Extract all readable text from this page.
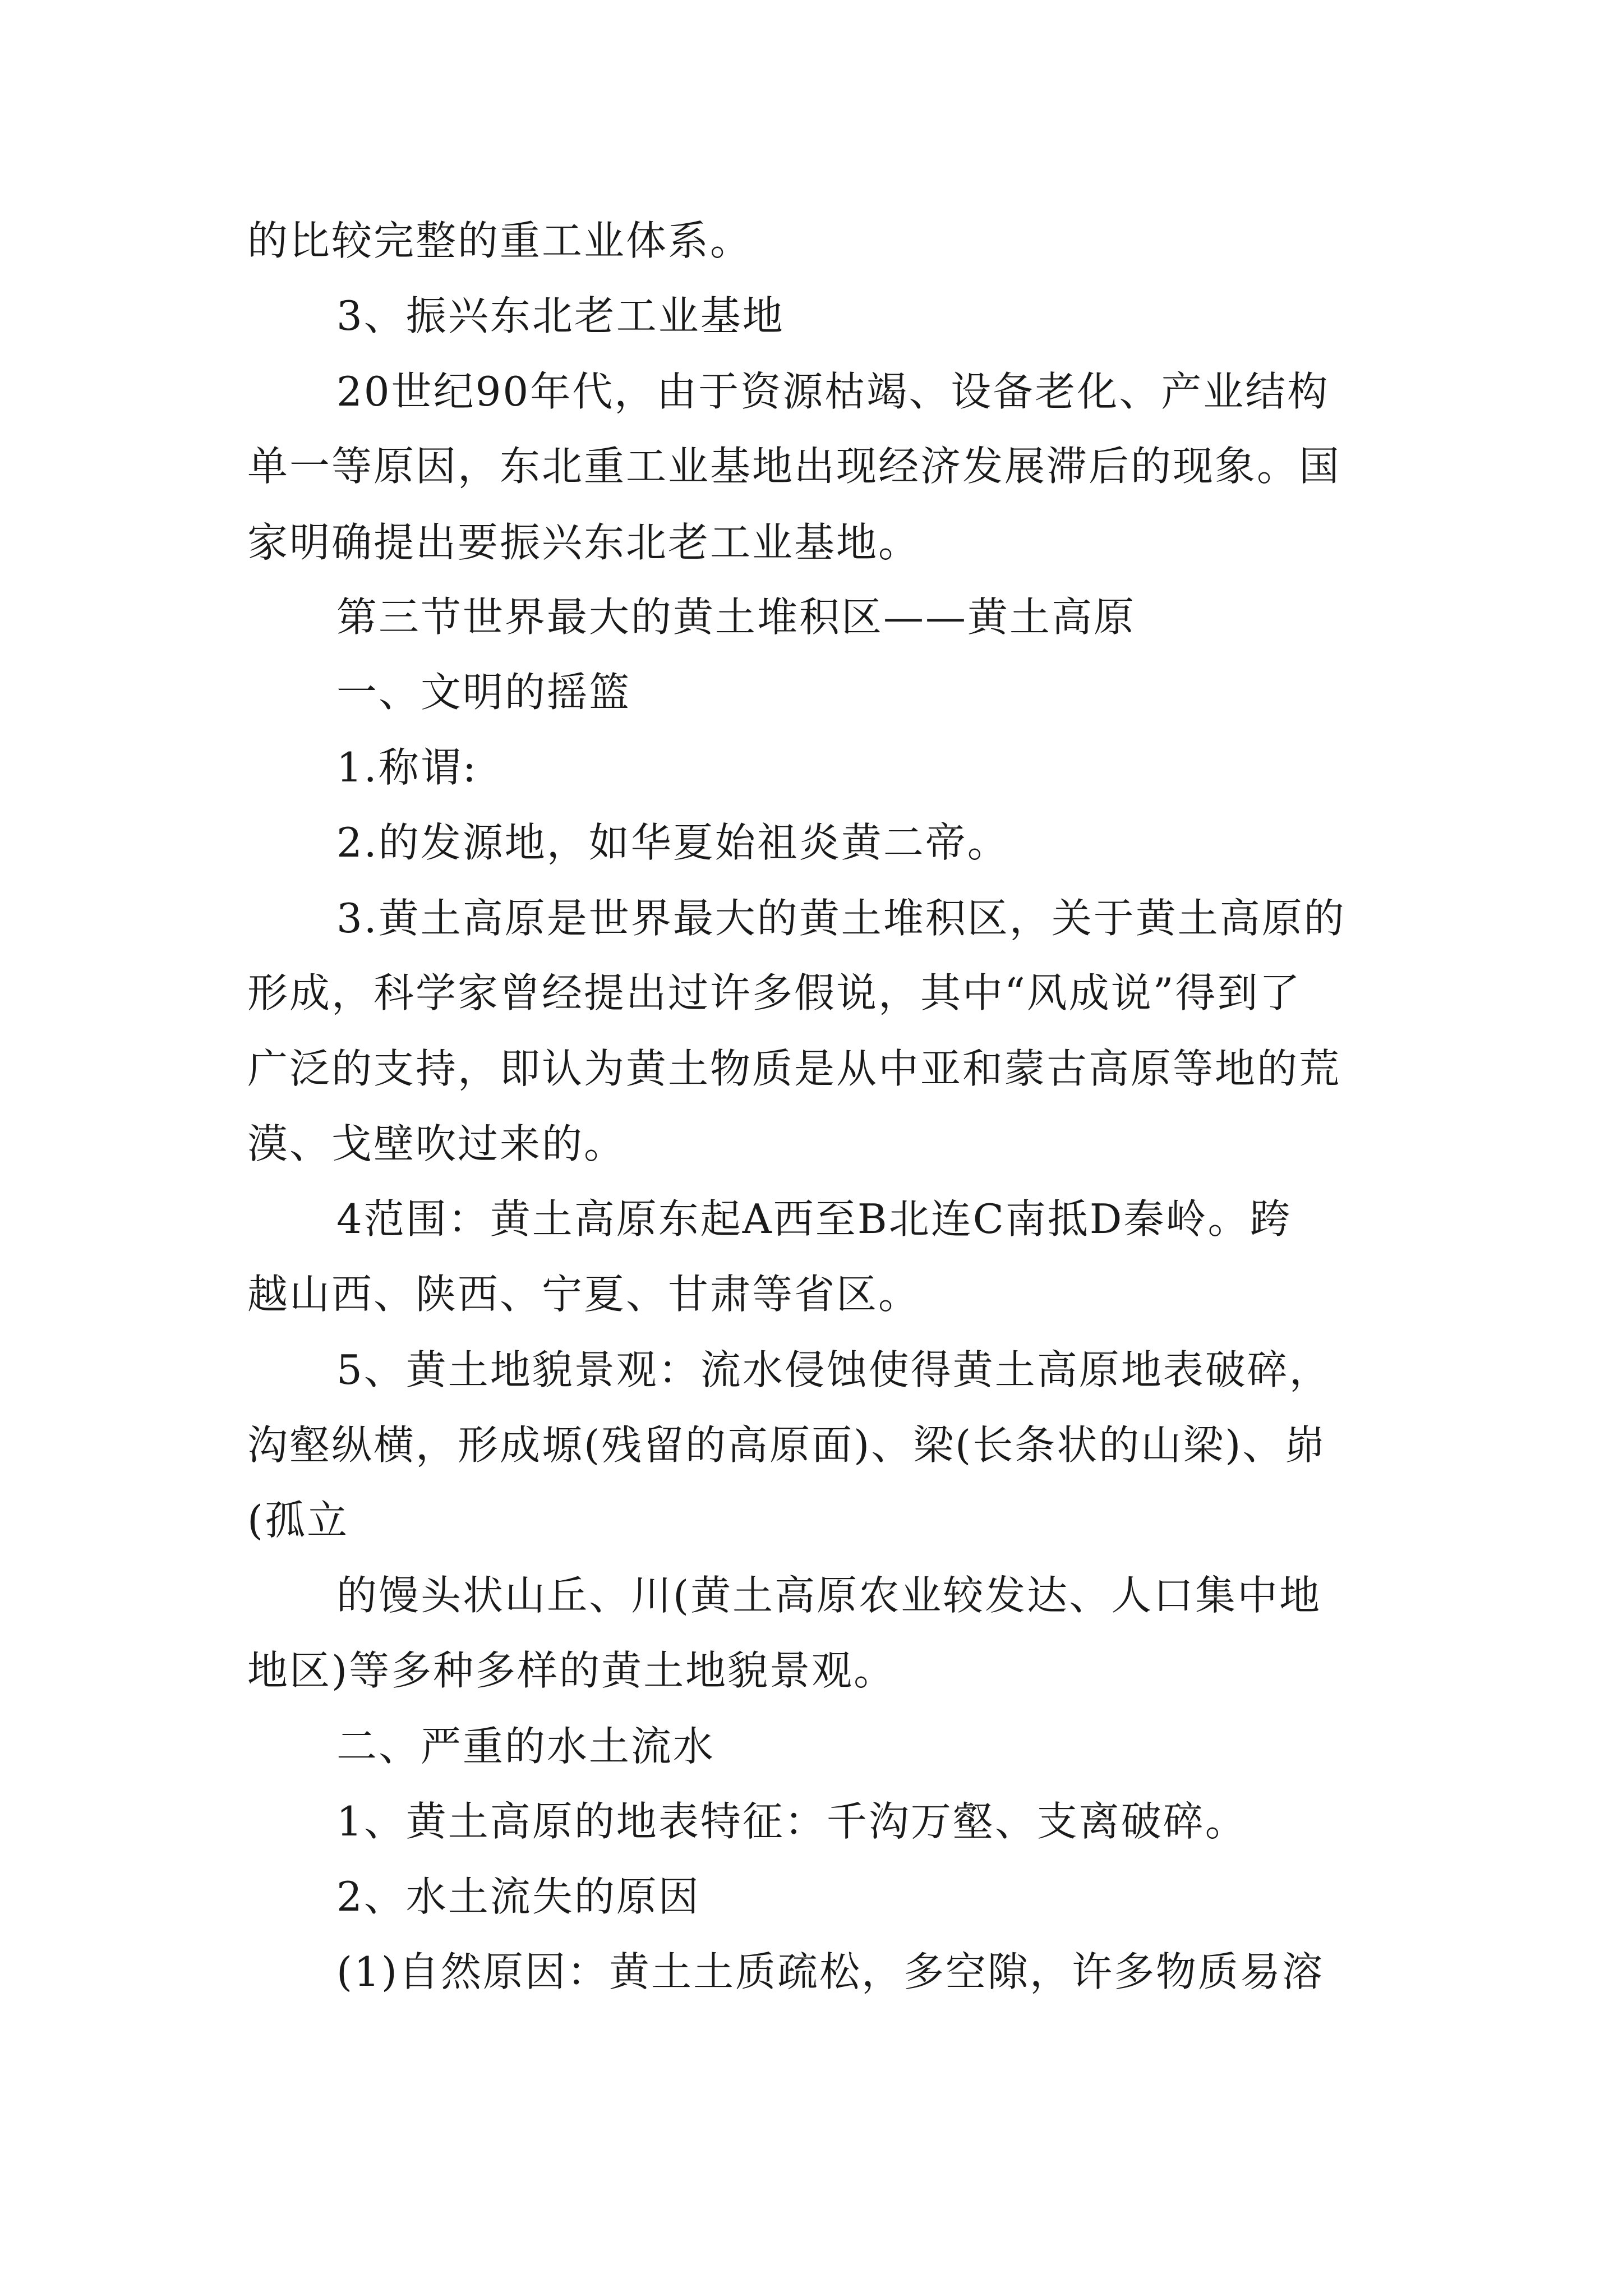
的比较完整的重工业体系。
3、振兴东北老工业基地
20世纪90年代，由于资源枯竭、设备老化、产业结构
单一等原因，东北重工业基地出现经济发展滞后的现象。国
家明确提出要振兴东北老工业基地。
第三节世界最大的黄土堆积区——黄土高原
一、文明的摇篮
1.称谓:
2.的发源地，如华夏始祖炎黄二帝。
3.黄土高原是世界最大的黄土堆积区，关于黄土高原的
形成，科学家曾经提出过许多假说，其中“风成说”得到了
广泛的支持，即认为黄土物质是从中亚和蒙古高原等地的荒
漠、戈壁吹过来的。
4范围：黄土高原东起A西至B北连C南抵D秦岭。跨
越山西、陕西、宁夏、甘肃等省区。
5、黄土地貌景观：流水侵蚀使得黄土高原地表破碎，
沟壑纵横，形成塬(残留的高原面)、梁(长条状的山梁)、峁
(孤立
的馒头状山丘、川(黄土高原农业较发达、人口集中地
地区)等多种多样的黄土地貌景观。
二、严重的水土流水
1、黄土高原的地表特征：千沟万壑、支离破碎。
2、水土流失的原因
(1)自然原因：黄土土质疏松，多空隙，许多物质易溶
